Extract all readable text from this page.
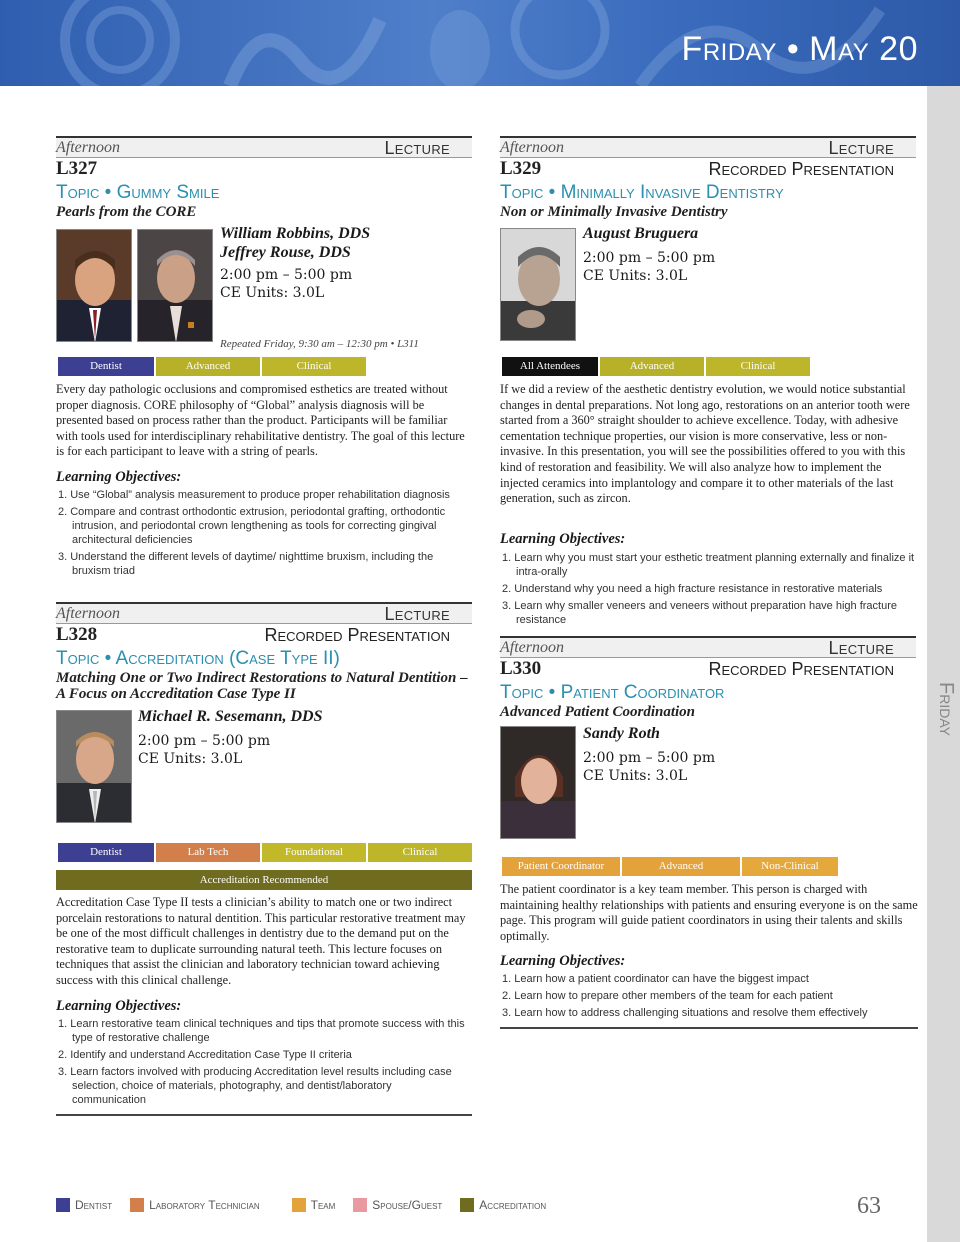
Friday • May 20
Friday
Afternoon	Lecture
L327
Topic • Gummy Smile
Pearls from the CORE
William Robbins, DDS
Jeffrey Rouse, DDS
2:00 pm – 5:00 pm
CE Units: 3.0L
Repeated Friday, 9:30 am – 12:30 pm • L311
Dentist	Advanced	Clinical
Every day pathologic occlusions and compromised esthetics are treated without proper diagnosis. CORE philosophy of “Global” analysis diagnosis will be presented based on process rather than the product. Participants will be familiar with tools used for interdisciplinary rehabilitative dentistry. The goal of this lecture is for each participant to leave with a string of pearls.
Learning Objectives:
1. Use “Global” analysis measurement to produce proper rehabilitation diagnosis
2. Compare and contrast orthodontic extrusion, periodontal grafting, orthodontic intrusion, and periodontal crown lengthening as tools for correcting gingival architectural deficiencies
3. Understand the different levels of daytime/ nighttime bruxism, including the bruxism triad
Afternoon	Lecture
L328	Recorded Presentation
Topic • Accreditation (Case Type II)
Matching One or Two Indirect Restorations to Natural Dentition – A Focus on Accreditation Case Type II
Michael R. Sesemann, DDS
2:00 pm – 5:00 pm
CE Units: 3.0L
Dentist	Lab Tech	Foundational	Clinical
Accreditation Recommended
Accreditation Case Type II tests a clinician’s ability to match one or two indirect porcelain restorations to natural dentition. This particular restorative treatment may be one of the most difficult challenges in dentistry due to the demand put on the restorative team to duplicate surrounding natural teeth. This lecture focuses on techniques that assist the clinician and laboratory technician toward achieving success with this clinical challenge.
Learning Objectives:
1. Learn restorative team clinical techniques and tips that promote success with this type of restorative challenge
2. Identify and understand Accreditation Case Type II criteria
3. Learn factors involved with producing Accreditation level results including case selection, choice of materials, photography, and dentist/laboratory communication
Afternoon	Lecture
L329	Recorded Presentation
Topic • Minimally Invasive Dentistry
Non or Minimally Invasive Dentistry
August Bruguera
2:00 pm – 5:00 pm
CE Units: 3.0L
All Attendees	Advanced	Clinical
If we did a review of the aesthetic dentistry evolution, we would notice substantial changes in dental preparations. Not long ago, restorations on an anterior tooth were started from a 360° straight shoulder to achieve excellence. Today, with adhesive cementation technique properties, our vision is more conservative, less or non-invasive. In this presentation, you will see the possibilities offered to you with this kind of restoration and feasibility. We will also analyze how to implement the injected ceramics into implantology and compare it to other materials of the last generation, such as zircon.
Learning Objectives:
1. Learn why you must start your esthetic treatment planning externally and finalize it intra-orally
2. Understand why you need a high fracture resistance in restorative materials
3. Learn why smaller veneers and veneers without preparation have high fracture resistance
Afternoon	Lecture
L330	Recorded Presentation
Topic • Patient Coordinator
Advanced Patient Coordination
Sandy Roth
2:00 pm – 5:00 pm
CE Units: 3.0L
Patient Coordinator	Advanced	Non-Clinical
The patient coordinator is a key team member. This person is charged with maintaining healthy relationships with patients and ensuring everyone is on the same page. This program will guide patient coordinators in using their talents and skills optimally.
Learning Objectives:
1. Learn how a patient coordinator can have the biggest impact
2. Learn how to prepare other members of the team for each patient
3. Learn how to address challenging situations and resolve them effectively
Dentist	Laboratory Technician	Team	Spouse/Guest	Accreditation	63
